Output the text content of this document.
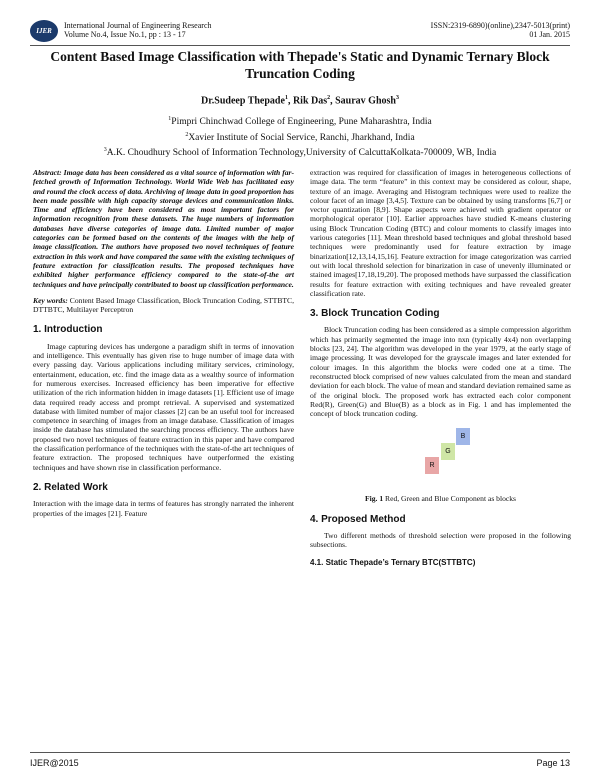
IJER
International Journal of Engineering Research
Volume No.4, Issue No.1, pp : 13 - 17
ISSN:2319-6890)(online),2347-5013(print)
01 Jan. 2015
Content Based Image Classification with Thepade's Static and Dynamic Ternary Block Truncation Coding
Dr.Sudeep Thepade$^1$, Rik Das$^2$, Saurav Ghosh$^3$
$^1$Pimpri Chinchwad College of Engineering, Pune Maharashtra, India
$^2$Xavier Institute of Social Service, Ranchi, Jharkhand, India
$^3$A.K. Choudhury School of Information Technology,University of CalcuttaKolkata-700009, WB, India

Abstract: Image data has been considered as a vital source of information with far-fetched growth of Information Technology. World Wide Web has facilitated easy and round the clock access of data. Archiving of image data in good proportion has been made possible with high capacity storage devices and communication links. Time and efficiency have been considered as most important factors for information recognition from these datasets. The huge numbers of information databases have diverse categories of image data. Limited number of major categories can be formed based on the contents of the images with the help of image classification. The authors have proposed two novel techniques of feature extraction in this work and have compared the same with the existing techniques of feature extraction for classification results. The proposed techniques have exhibited higher performance efficiency compared to the state-of-the art techniques and have principally contributed to boost up classification performance.

Key words: Content Based Image Classification, Block Truncation Coding, STTBTC, DTTBTC, Multilayer Perceptron

1. Introduction

Image capturing devices has undergone a paradigm shift in terms of innovation and intelligence. This eventually has given rise to huge number of image data with every passing day. Various applications including military services, criminology, entertainment, education, etc. find the image data as a wealthy source of information for numerous exercises. Increased efficiency has been imperative for effective utilization of the rich information hidden in image datasets [1]. Efficient use of image data required ready access and prompt retrieval. A supervised and systematized database with limited number of major classes [2] can be an useful tool for increased competence in searching of images from an image database. Classification of images inside the database has stimulated the searching process efficiency. The authors have proposed two novel techniques of feature extraction in this paper and have compared the classification performance of the techniques with the state-of-the art techniques of feature extraction. The proposed techniques have outperformed the existing techniques and have shown rise in classification performance.

2. Related Work

Interaction with the image data in terms of features has strongly narrated the inherent properties of the images [21]. Feature

extraction was required for classification of images in heterogeneous collections of image data. The term “feature” in this context may be considered as colour, shape, texture of an image. Averaging and Histogram techniques were used to realize the colour facet of an image [3,4,5]. Texture can be obtained by using transforms [6,7] or vector quantization [8,9]. Shape aspects were achieved with gradient operator or morphological operator [10]. Earlier approaches have studied K-means clustering using Block Truncation Coding (BTC) and colour moments to classify images into various categories [11]. Mean threshold based techniques and global threshold based techniques were predominantly used for feature extraction by image binarization[12,13,14,15,16]. Feature extraction for image categorization was carried out with local threshold selection for binarization in case of unevenly illuminated or stained images[17,18,19,20]. The proposed methods have surpassed the classification results for feature extraction with exiting techniques and have revealed greater classification rate.

3. Block Truncation Coding

Block Truncation coding has been considered as a simple compression algorithm which has primarily segmented the image into nxn (typically 4x4) non overlapping blocks [23, 24]. The algorithm was developed in the year 1979, at the early stage of image processing. It was developed for the grayscale images and later extended for colour images. In this algorithm the blocks were coded one at a time. The reconstructed block comprised of new values calculated from the mean and standard deviation for each block. The value of mean and standard deviation remained same as of the original block. The proposed work has extracted each color component Red(R), Green(G) and Blue(B) as a block as in Fig. 1 and has implemented the concept of block truncation coding.

B
G
R
Fig. 1 Red, Green and Blue Component as blocks
4. Proposed Method

Two different methods of threshold selection were proposed in the following subsections.

4.1. Static Thepade’s Ternary BTC(STTBTC)
IJER@2015	Page 13
